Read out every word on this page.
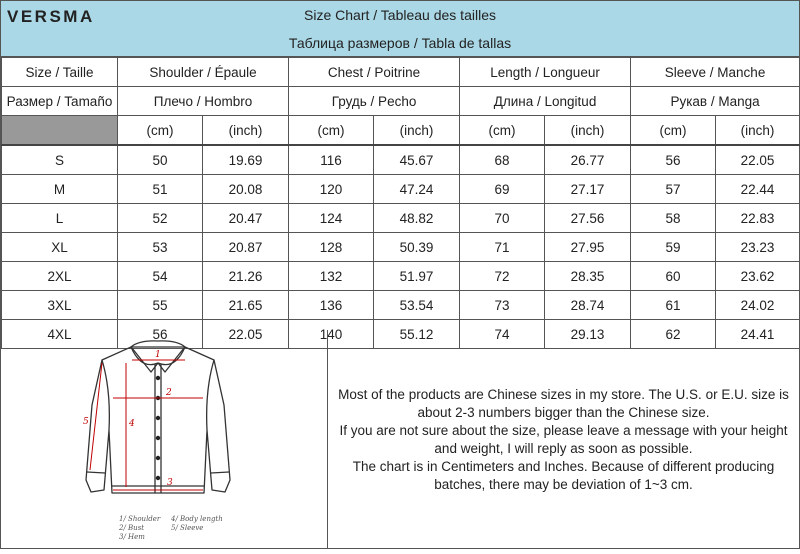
VERSMA	Size Chart / Tableau des tailles
Таблица размеров / Tabla de tallas
Size / Taille	Shoulder / Épaule		Chest / Poitrine		Length / Longueur		Sleeve / Manche	
Размер / Tamaño	Плечо / Hombro		Грудь / Pecho		Длина / Longitud		Рукав / Manga	
	(cm)	(inch)	(cm)	(inch)	(cm)	(inch)	(cm)	(inch)
S	50	19.69	116	45.67	68	26.77	56	22.05
M	51	20.08	120	47.24	69	27.17	57	22.44
L	52	20.47	124	48.82	70	27.56	58	22.83
XL	53	20.87	128	50.39	71	27.95	59	23.23
2XL	54	21.26	132	51.97	72	28.35	60	23.62
3XL	55	21.65	136	53.54	73	28.74	61	24.02
4XL	56	22.05	140	55.12	74	29.13	62	24.41
1
2
3
4
5
1/ Shoulder
2/ Bust
3/ Hem
4/ Body length
5/ Sleeve

Most of the products are Chinese sizes in my store. The U.S. or E.U. size is about 2-3 numbers bigger than the Chinese size.

If you are not sure about the size, please leave a message with your height and weight, I will reply as soon as possible.

The chart is in Centimeters and Inches. Because of different producing batches, there may be deviation of 1~3 cm.
